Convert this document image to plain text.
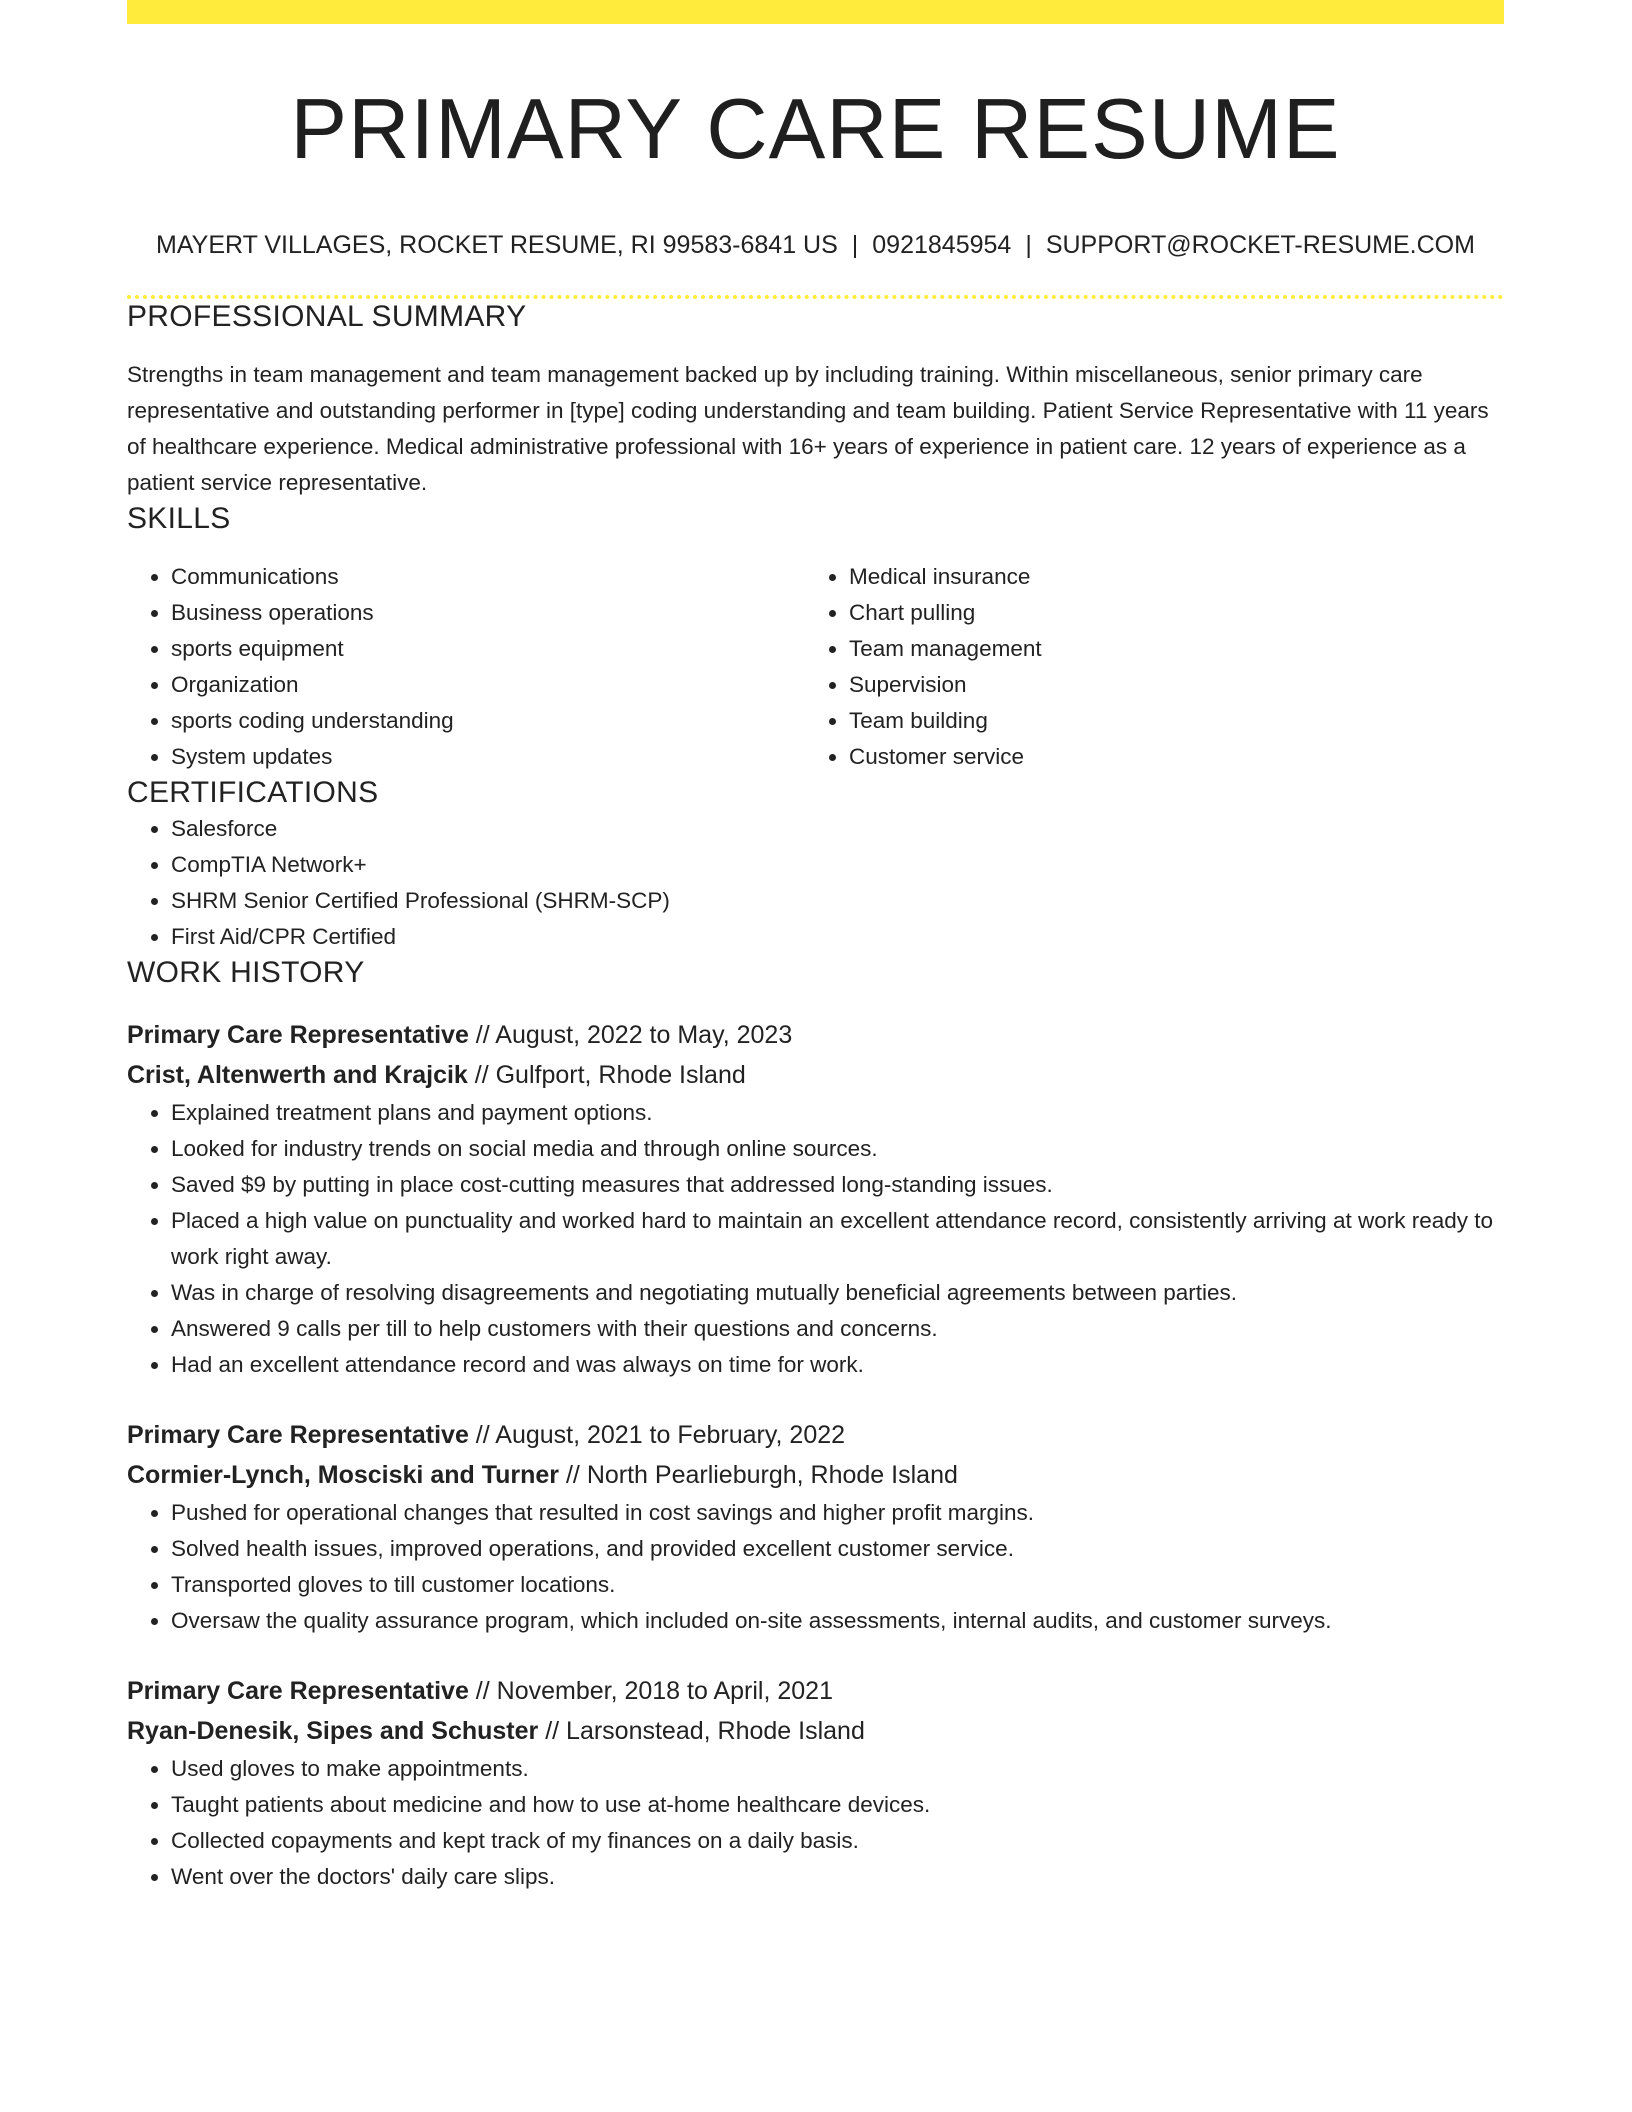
PRIMARY CARE RESUME
MAYERT VILLAGES, ROCKET RESUME, RI 99583-6841 US | 0921845954 | SUPPORT@ROCKET-RESUME.COM
PROFESSIONAL SUMMARY
Strengths in team management and team management backed up by including training. Within miscellaneous, senior primary care representative and outstanding performer in [type] coding understanding and team building. Patient Service Representative with 11 years of healthcare experience. Medical administrative professional with 16+ years of experience in patient care. 12 years of experience as a patient service representative.
SKILLS
• Communications
• Business operations
• sports equipment
• Organization
• sports coding understanding
• System updates
• Medical insurance
• Chart pulling
• Team management
• Supervision
• Team building
• Customer service
CERTIFICATIONS
• Salesforce
• CompTIA Network+
• SHRM Senior Certified Professional (SHRM-SCP)
• First Aid/CPR Certified
WORK HISTORY
Primary Care Representative // August, 2022 to May, 2023
Crist, Altenwerth and Krajcik // Gulfport, Rhode Island
• Explained treatment plans and payment options.
• Looked for industry trends on social media and through online sources.
• Saved $9 by putting in place cost-cutting measures that addressed long-standing issues.
• Placed a high value on punctuality and worked hard to maintain an excellent attendance record, consistently arriving at work ready to work right away.
• Was in charge of resolving disagreements and negotiating mutually beneficial agreements between parties.
• Answered 9 calls per till to help customers with their questions and concerns.
• Had an excellent attendance record and was always on time for work.
Primary Care Representative // August, 2021 to February, 2022
Cormier-Lynch, Mosciski and Turner // North Pearlieburgh, Rhode Island
• Pushed for operational changes that resulted in cost savings and higher profit margins.
• Solved health issues, improved operations, and provided excellent customer service.
• Transported gloves to till customer locations.
• Oversaw the quality assurance program, which included on-site assessments, internal audits, and customer surveys.
Primary Care Representative // November, 2018 to April, 2021
Ryan-Denesik, Sipes and Schuster // Larsonstead, Rhode Island
• Used gloves to make appointments.
• Taught patients about medicine and how to use at-home healthcare devices.
• Collected copayments and kept track of my finances on a daily basis.
• Went over the doctors' daily care slips.
